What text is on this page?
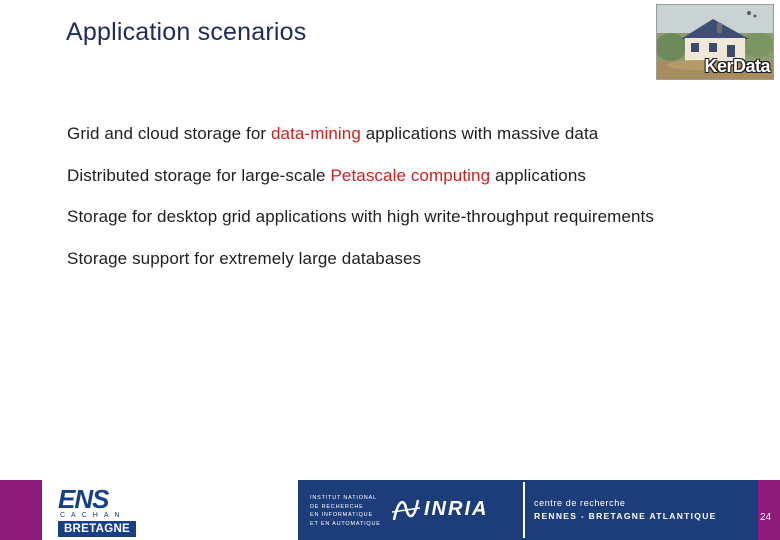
Application scenarios
KerData
Grid and cloud storage for data-mining applications with massive data
Distributed storage for large-scale Petascale computing applications
Storage for desktop grid applications with high write-throughput requirements
Storage support for extremely large databases
ENS
CACHAN
BRETAGNE
INSTITUT NATIONAL
DE RECHERCHE
EN INFORMATIQUE
ET EN AUTOMATIQUE
INRIA	centre de recherche
RENNES - BRETAGNE ATLANTIQUE	24
